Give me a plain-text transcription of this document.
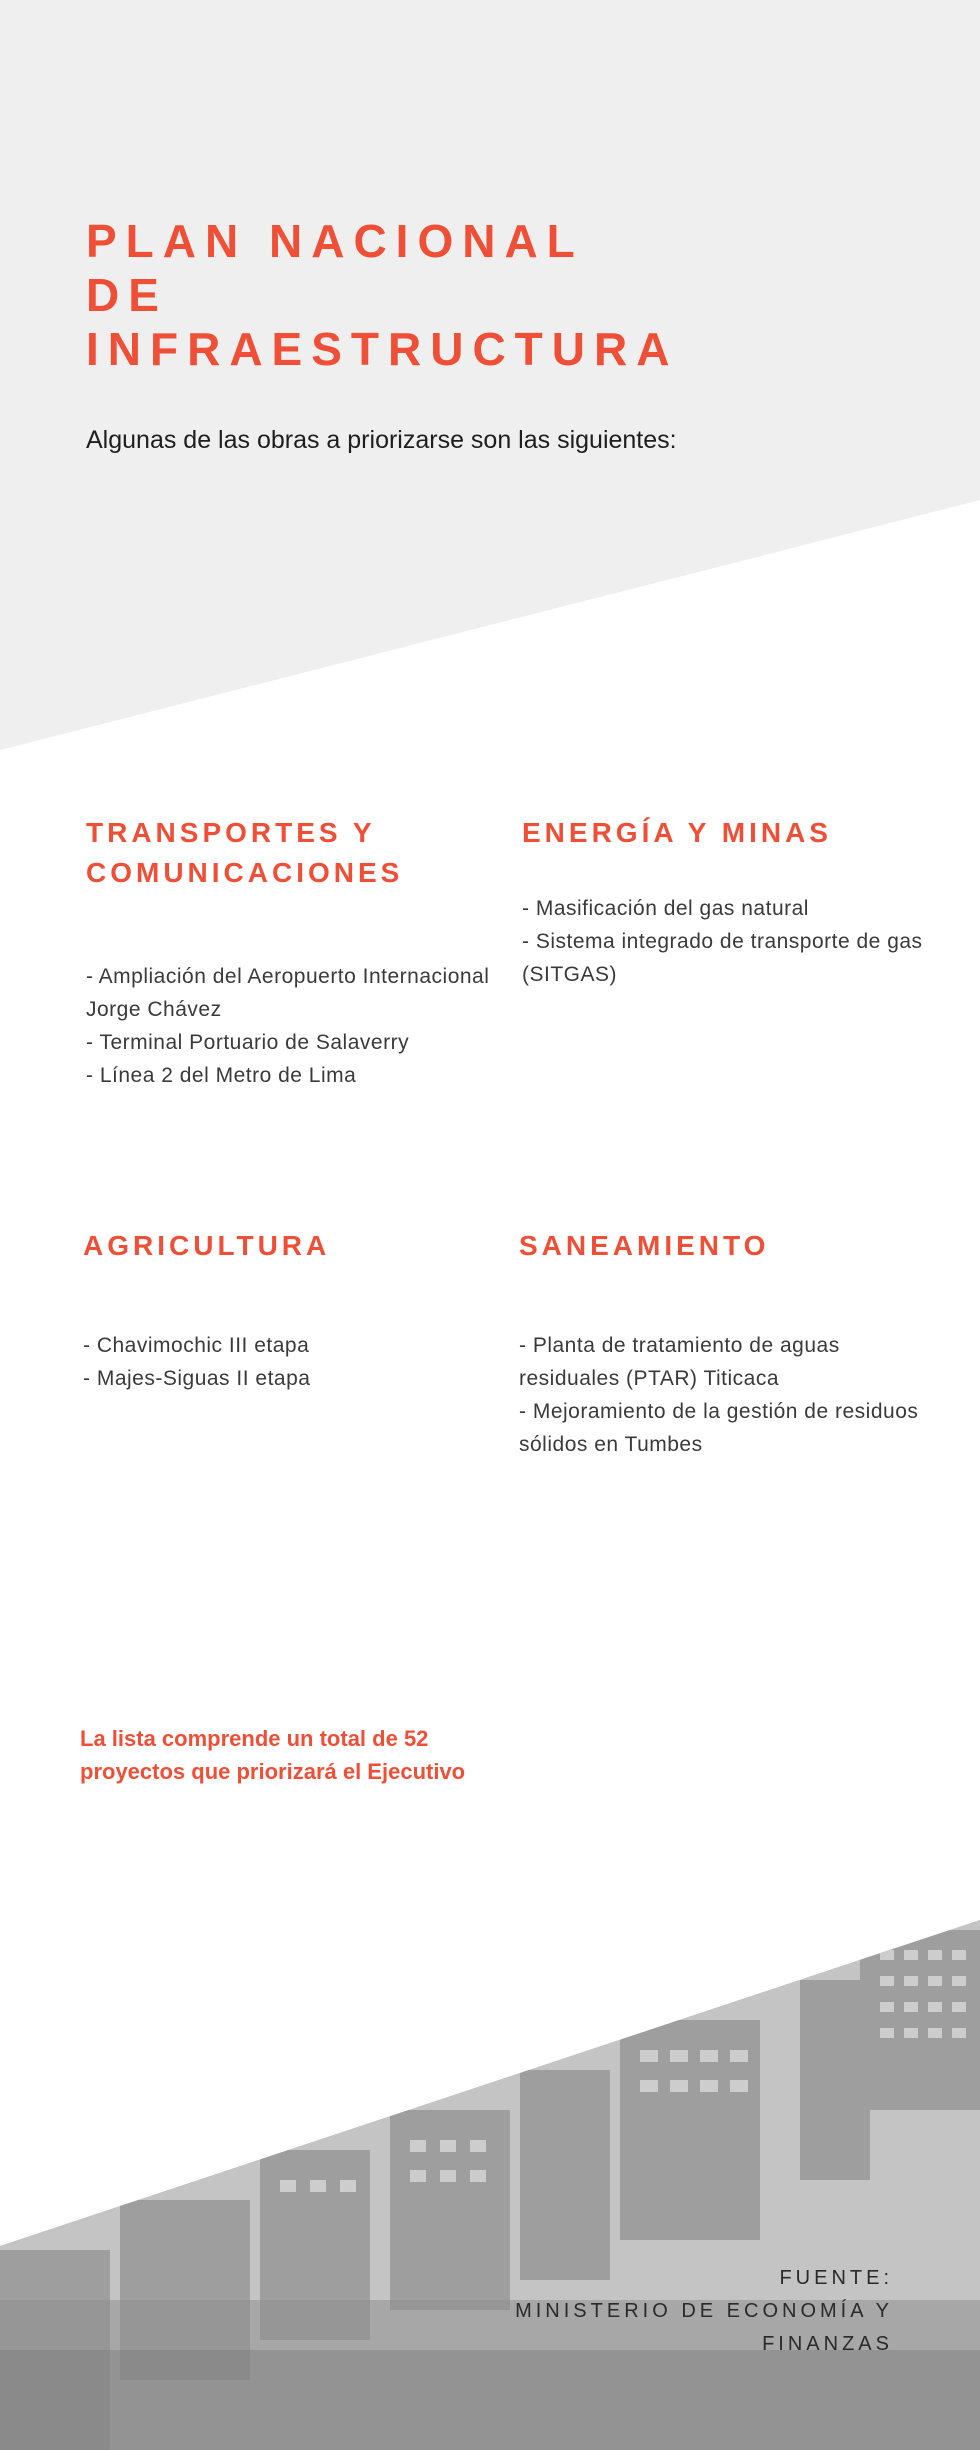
PLAN NACIONAL
DE
INFRAESTRUCTURA

Algunas de las obras a priorizarse son las siguientes:

TRANSPORTES Y
COMUNICACIONES
- Ampliación del Aeropuerto Internacional Jorge Chávez
- Terminal Portuario de Salaverry
- Línea 2 del Metro de Lima
ENERGÍA Y MINAS
- Masificación del gas natural
- Sistema integrado de transporte de gas (SITGAS)
AGRICULTURA
- Chavimochic III etapa
- Majes-Siguas II etapa
SANEAMIENTO
- Planta de tratamiento de aguas residuales (PTAR) Titicaca
- Mejoramiento de la gestión de residuos sólidos en Tumbes

La lista comprende un total de 52 proyectos que priorizará el Ejecutivo

FUENTE:
MINISTERIO DE ECONOMÍA Y
FINANZAS
